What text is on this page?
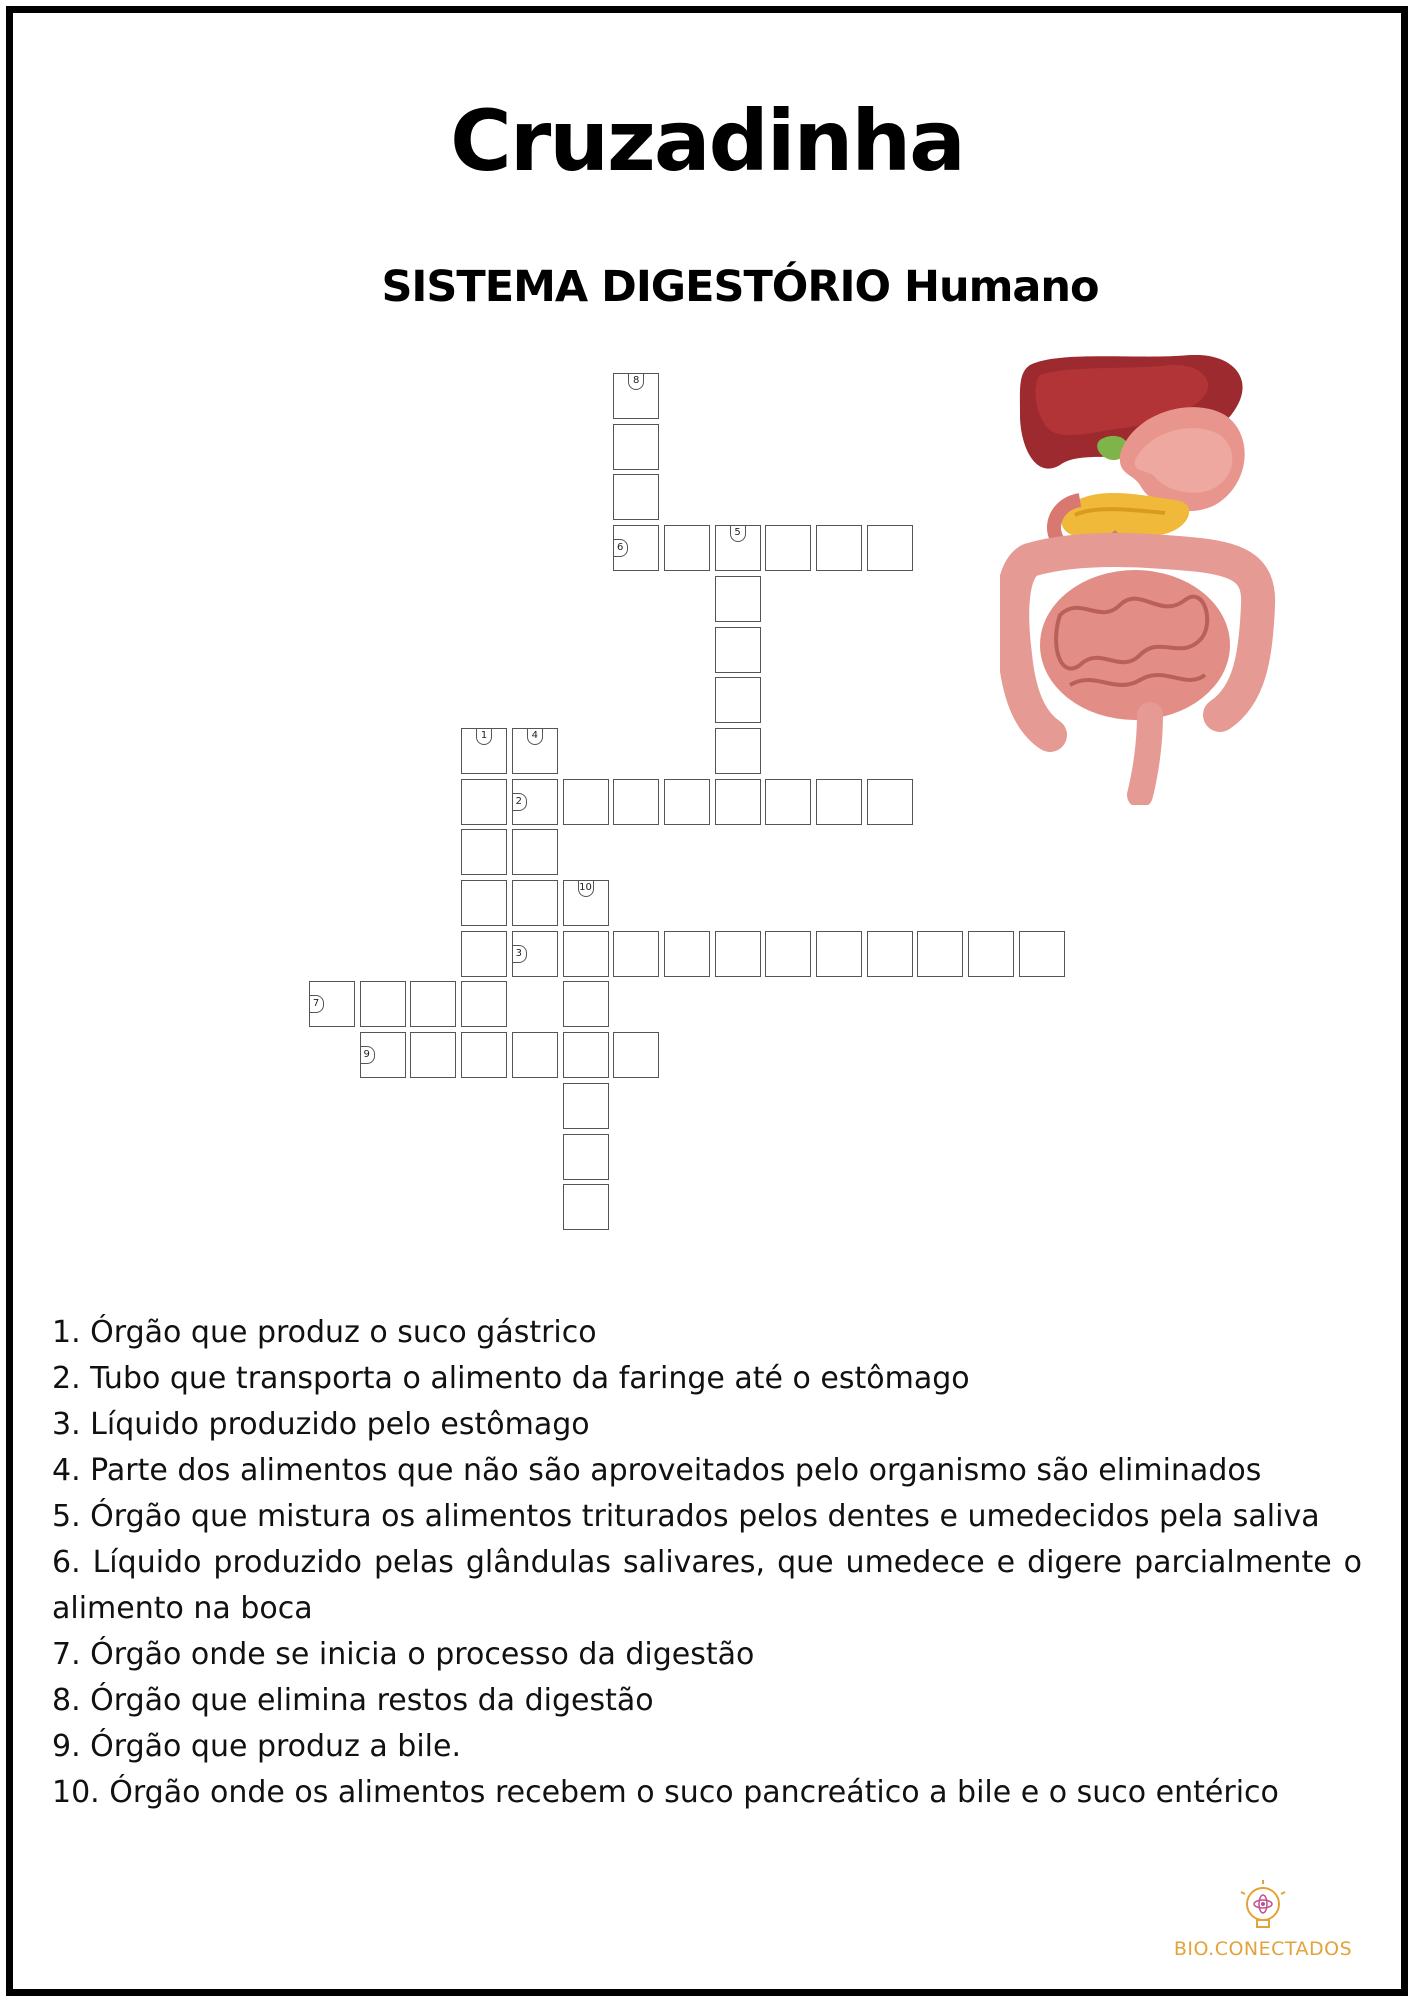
Cruzadinha
SISTEMA DIGESTÓRIO Humano
8
6
5
1	4
2
3
10
7
9
1. Órgão que produz o suco gástrico
2. Tubo que transporta o alimento da faringe até o estômago
3. Líquido produzido pelo estômago
4. Parte dos alimentos que não são aproveitados pelo organismo são eliminados
5. Órgão que mistura os alimentos triturados pelos dentes e umedecidos pela saliva
6. Líquido produzido pelas glândulas salivares, que umedece e digere parcialmente o alimento na boca
7. Órgão onde se inicia o processo da digestão
8. Órgão que elimina restos da digestão
9. Órgão que produz a bile.
10. Órgão onde os alimentos recebem o suco pancreático a bile e o suco entérico
BIO.CONECTADOS
